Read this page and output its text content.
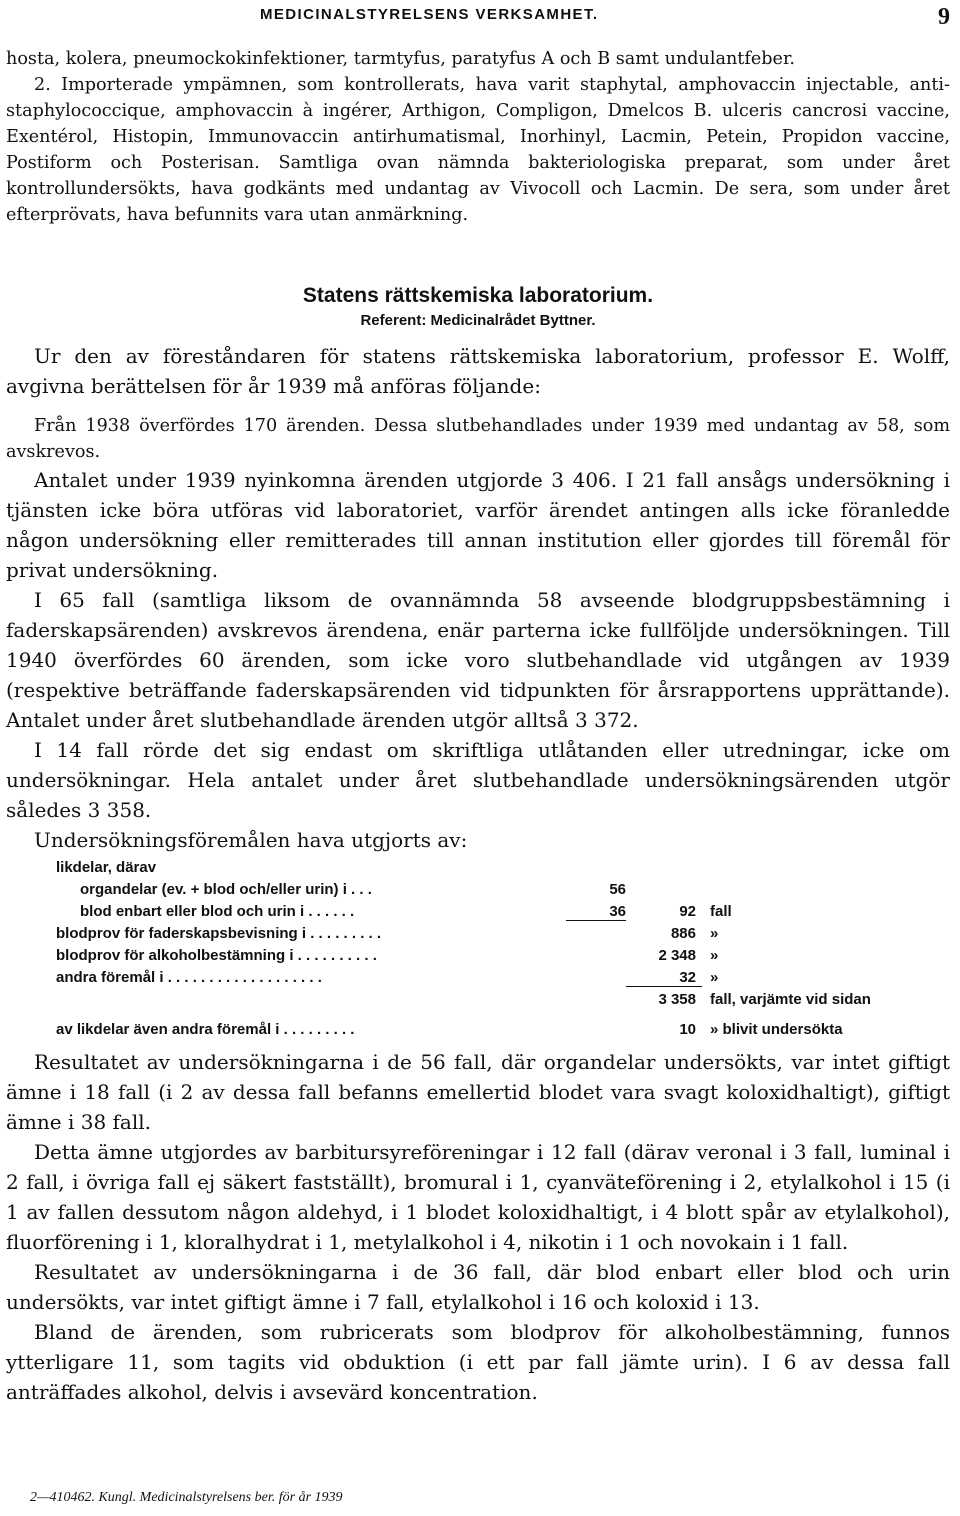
MEDICINALSTYRELSENS VERKSAMHET.	9

hosta, kolera, pneumockokinfektioner, tarmtyfus, paratyfus A och B samt undulantfeber.

2. Importerade ympämnen, som kontrollerats, hava varit staphytal, amphovaccin injectable, anti-staphylococcique, amphovaccin à ingérer, Arthigon, Compligon, Dmelcos B. ulceris cancrosi vaccine, Exentérol, Histopin, Immunovaccin antirhumatismal, Inorhinyl, Lacmin, Petein, Propidon vaccine, Postiform och Posterisan. Samtliga ovan nämnda bakteriologiska preparat, som under året kontrollundersökts, hava godkänts med undantag av Vivocoll och Lacmin. De sera, som under året efterprövats, hava befunnits vara utan anmärkning.

Statens rättskemiska laboratorium.
Referent: Medicinalrådet Byttner.

Ur den av föreståndaren för statens rättskemiska laboratorium, professor E. Wolff, avgivna berättelsen för år 1939 må anföras följande:

Från 1938 överfördes 170 ärenden. Dessa slutbehandlades under 1939 med undantag av 58, som avskrevos.

Antalet under 1939 nyinkomna ärenden utgjorde 3 406. I 21 fall ansågs undersökning i tjänsten icke böra utföras vid laboratoriet, varför ärendet antingen alls icke föranledde någon undersökning eller remitterades till annan institution eller gjordes till föremål för privat undersökning.

I 65 fall (samtliga liksom de ovannämnda 58 avseende blodgruppsbestämning i faderskapsärenden) avskrevos ärendena, enär parterna icke fullföljde undersökningen. Till 1940 överfördes 60 ärenden, som icke voro slutbehandlade vid utgången av 1939 (respektive beträffande faderskapsärenden vid tidpunkten för årsrapportens upprättande). Antalet under året slutbehandlade ärenden utgör alltså 3 372.

I 14 fall rörde det sig endast om skriftliga utlåtanden eller utredningar, icke om undersökningar. Hela antalet under året slutbehandlade undersökningsärenden utgör således 3 358.

Undersökningsföremålen hava utgjorts av:

likdelar, därav
organdelar (ev. + blod och/eller urin) i . . .	56
blod enbart eller blod och urin i . . . . . .	36	92 fall
blodprov för faderskapsbevisning i . . . . . . . . .	886 »
blodprov för alkoholbestämning i . . . . . . . . . .	2 348 »
andra föremål i . . . . . . . . . . . . . . . . . . .	32 »
3 358 fall, varjämte vid sidan
av likdelar även andra föremål i . . . . . . . . .	10 » blivit undersökta

Resultatet av undersökningarna i de 56 fall, där organdelar undersökts, var intet giftigt ämne i 18 fall (i 2 av dessa fall befanns emellertid blodet vara svagt koloxidhaltigt), giftigt ämne i 38 fall.

Detta ämne utgjordes av barbitursyreföreningar i 12 fall (därav veronal i 3 fall, luminal i 2 fall, i övriga fall ej säkert fastställt), bromural i 1, cyanväteförening i 2, etylalkohol i 15 (i 1 av fallen dessutom någon aldehyd, i 1 blodet koloxidhaltigt, i 4 blott spår av etylalkohol), fluorförening i 1, kloralhydrat i 1, metylalkohol i 4, nikotin i 1 och novokain i 1 fall.

Resultatet av undersökningarna i de 36 fall, där blod enbart eller blod och urin undersökts, var intet giftigt ämne i 7 fall, etylalkohol i 16 och koloxid i 13.

Bland de ärenden, som rubricerats som blodprov för alkoholbestämning, funnos ytterligare 11, som tagits vid obduktion (i ett par fall jämte urin). I 6 av dessa fall anträffades alkohol, delvis i avsevärd koncentration.

2—410462. Kungl. Medicinalstyrelsens ber. för år 1939
